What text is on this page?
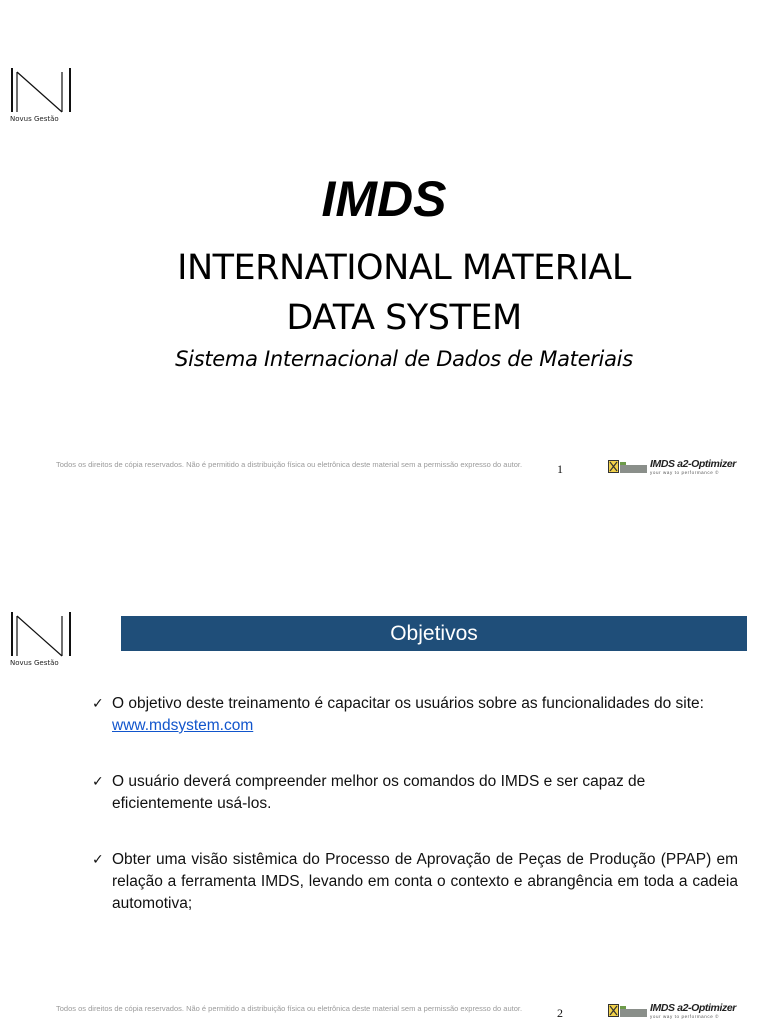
Novus Gestão
IMDS
INTERNATIONAL MATERIAL
DATA SYSTEM
Sistema Internacional de Dados de Materiais
Todos os direitos de cópia reservados. Não é permitido a distribuição física ou eletrônica deste material sem a permissão expresso do autor.	1	IMDS a2-Optimizer
your way to performance ©
Novus Gestão
Objetivos
✓ O objetivo deste treinamento é capacitar os usuários sobre as funcionalidades do site: www.mdsystem.com
✓ O usuário deverá compreender melhor os comandos do IMDS e ser capaz de eficientemente usá-los.
✓ Obter uma visão sistêmica do Processo de Aprovação de Peças de Produção (PPAP) em relação a ferramenta IMDS, levando em conta o contexto e abrangência em toda a cadeia automotiva;
Todos os direitos de cópia reservados. Não é permitido a distribuição física ou eletrônica deste material sem a permissão expresso do autor.	2	IMDS a2-Optimizer
your way to performance ©
